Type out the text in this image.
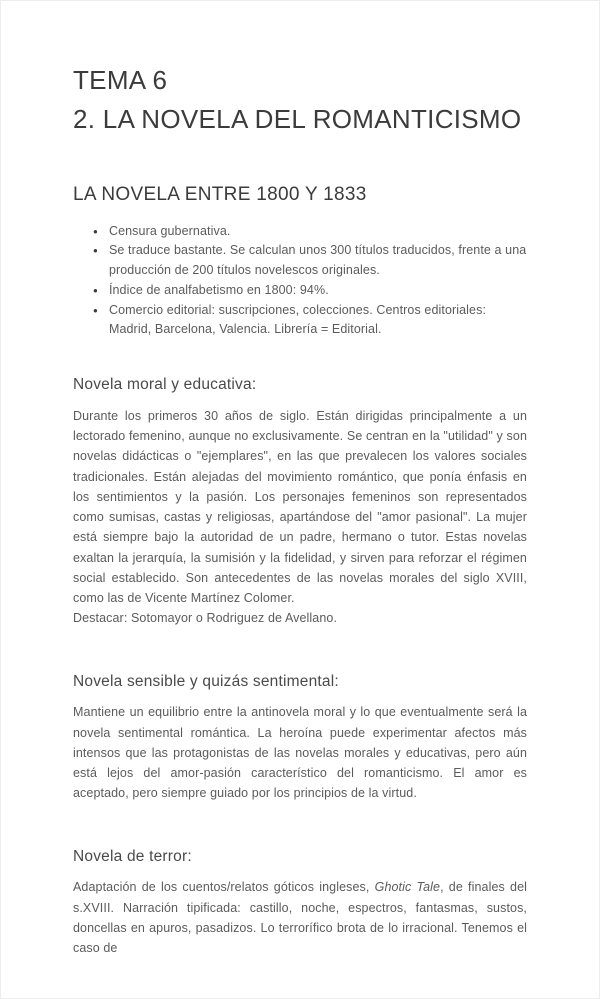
TEMA 6
2. LA NOVELA DEL ROMANTICISMO
LA NOVELA ENTRE 1800 Y 1833
● Censura gubernativa.
● Se traduce bastante. Se calculan unos 300 títulos traducidos, frente a una producción de 200 títulos novelescos originales.
● Índice de analfabetismo en 1800: 94%.
● Comercio editorial: suscripciones, colecciones. Centros editoriales: Madrid, Barcelona, Valencia. Librería = Editorial.
Novela moral y educativa:

Durante los primeros 30 años de siglo. Están dirigidas principalmente a un lectorado femenino, aunque no exclusivamente. Se centran en la "utilidad" y son novelas didácticas o "ejemplares", en las que prevalecen los valores sociales tradicionales. Están alejadas del movimiento romántico, que ponía énfasis en los sentimientos y la pasión. Los personajes femeninos son representados como sumisas, castas y religiosas, apartándose del "amor pasional". La mujer está siempre bajo la autoridad de un padre, hermano o tutor. Estas novelas exaltan la jerarquía, la sumisión y la fidelidad, y sirven para reforzar el régimen social establecido. Son antecedentes de las novelas morales del siglo XVIII, como las de Vicente Martínez Colomer.

Destacar: Sotomayor o Rodriguez de Avellano.

Novela sensible y quizás sentimental:

Mantiene un equilibrio entre la antinovela moral y lo que eventualmente será la novela sentimental romántica. La heroína puede experimentar afectos más intensos que las protagonistas de las novelas morales y educativas, pero aún está lejos del amor-pasión característico del romanticismo. El amor es aceptado, pero siempre guiado por los principios de la virtud.

Novela de terror:

Adaptación de los cuentos/relatos góticos ingleses, Ghotic Tale, de finales del s.XVIII. Narración tipificada: castillo, noche, espectros, fantasmas, sustos, doncellas en apuros, pasadizos. Lo terrorífico brota de lo irracional. Tenemos el caso de
